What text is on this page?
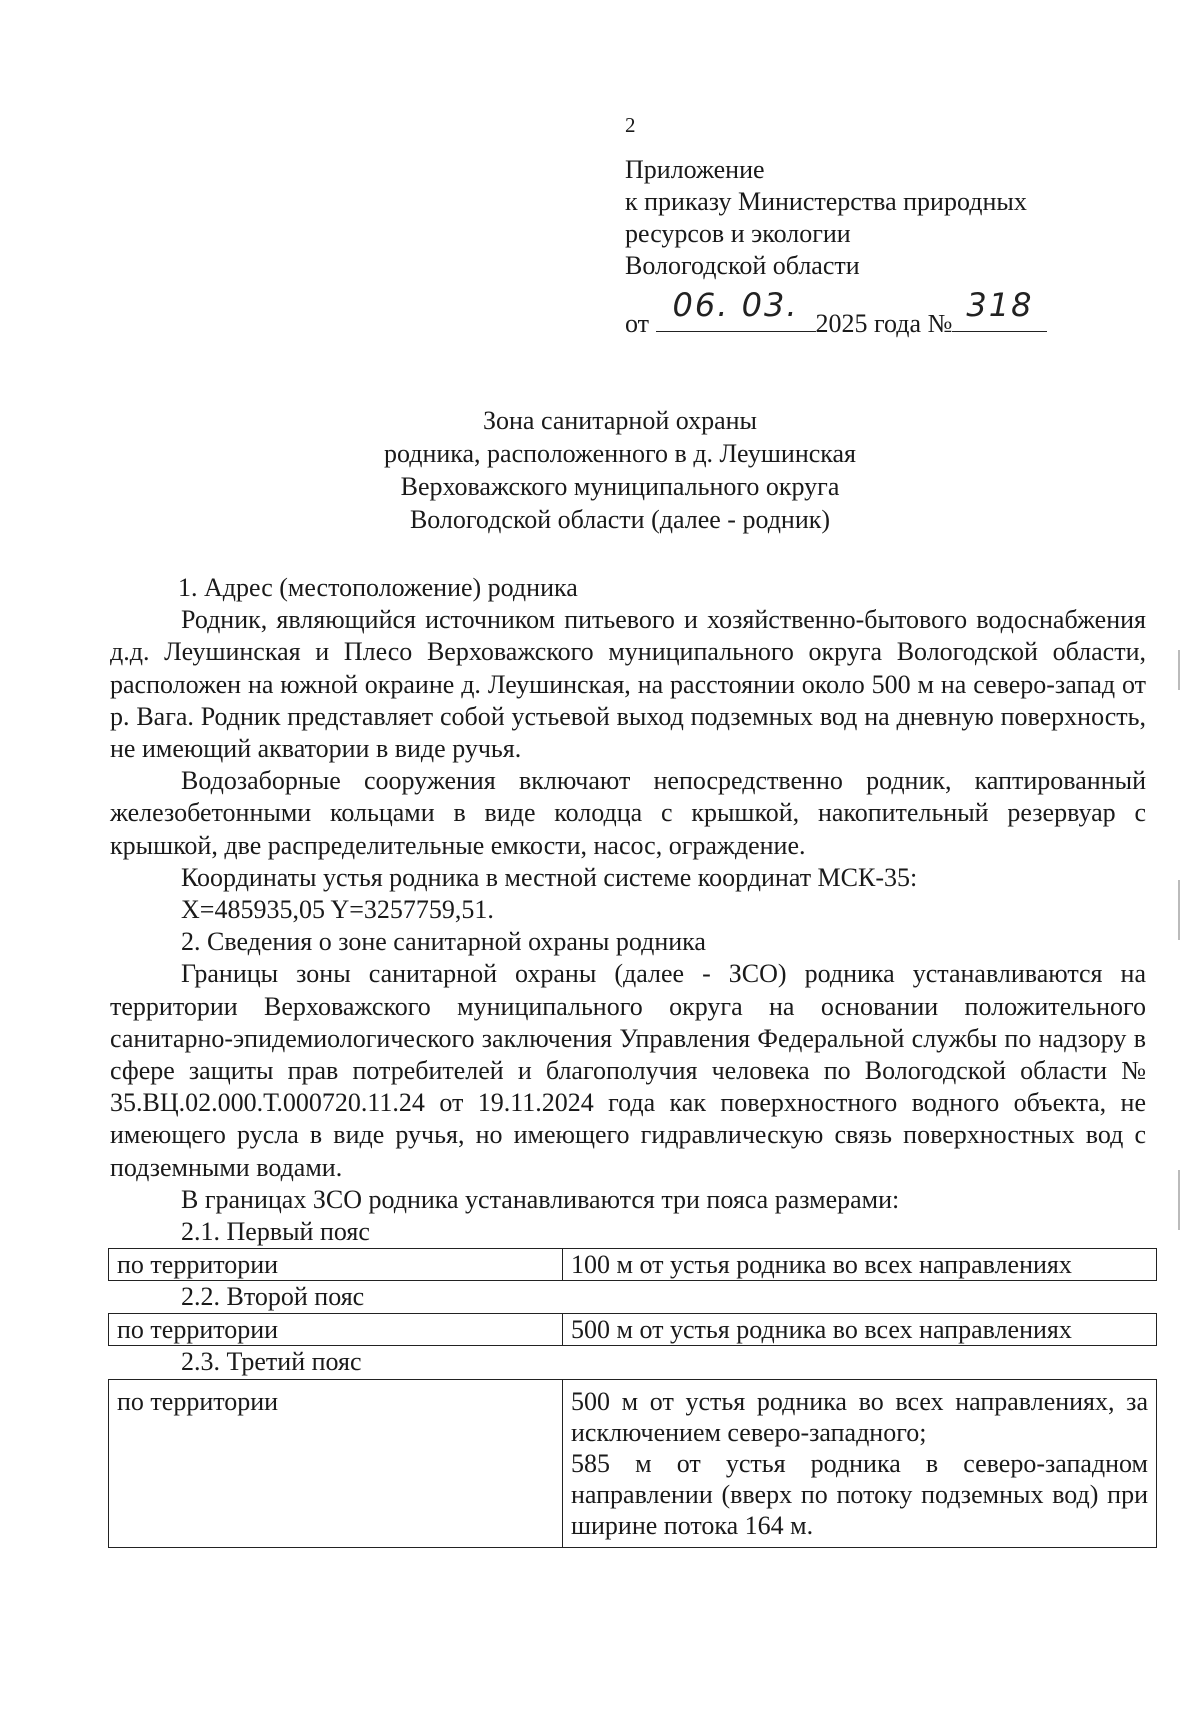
2
Приложение
к приказу Министерства природных
ресурсов и экологии
Вологодской области
от 06. 03. 2025 года № 318
Зона санитарной охраны
родника, расположенного в д. Леушинская
Верховажского муниципального округа
Вологодской области (далее - родник)

1. Адрес (местоположение) родника

Родник, являющийся источником питьевого и хозяйственно-бытового водоснабжения д.д. Леушинская и Плесо Верховажского муниципального округа Вологодской области, расположен на южной окраине д. Леушинская, на расстоянии около 500 м на северо-запад от р. Вага. Родник представляет собой устьевой выход подземных вод на дневную поверхность, не имеющий акватории в виде ручья.

Водозаборные сооружения включают непосредственно родник, каптированный железобетонными кольцами в виде колодца с крышкой, накопительный резервуар с крышкой, две распределительные емкости, насос, ограждение.

Координаты устья родника в местной системе координат МСК-35:

X=485935,05 Y=3257759,51.

2. Сведения о зоне санитарной охраны родника

Границы зоны санитарной охраны (далее - ЗСО) родника устанавливаются на территории Верховажского муниципального округа на основании положительного санитарно-эпидемиологического заключения Управления Федеральной службы по надзору в сфере защиты прав потребителей и благополучия человека по Вологодской области № 35.ВЦ.02.000.Т.000720.11.24 от 19.11.2024 года как поверхностного водного объекта, не имеющего русла в виде ручья, но имеющего гидравлическую связь поверхностных вод с подземными водами.

В границах ЗСО родника устанавливаются три пояса размерами:

2.1. Первый пояс

по территории	100 м от устья родника во всех направлениях

2.2. Второй пояс

по территории	500 м от устья родника во всех направлениях

2.3. Третий пояс

по территории	500 м от устья родника во всех направлениях, за исключением северо-западного;
585 м от устья родника в северо-западном направлении (вверх по потоку подземных вод) при ширине потока 164 м.
